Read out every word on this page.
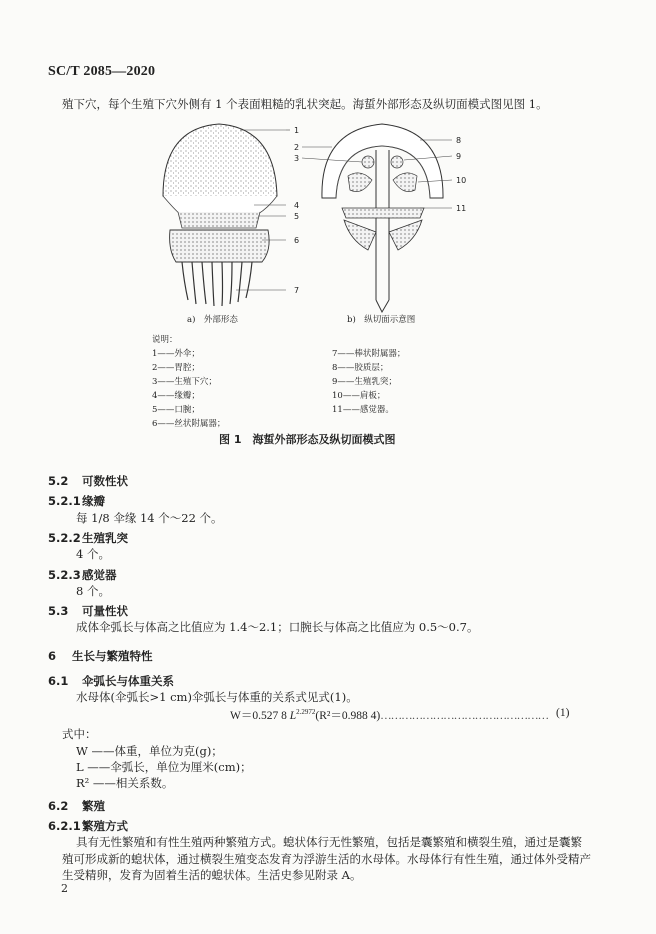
SC/T 2085—2020
殖下穴，每个生殖下穴外侧有 1 个表面粗糙的乳状突起。海蜇外部形态及纵切面模式图见图 1。
1
2
3
4
5
6
7
8
9
10
11
a)　外部形态	b)　纵切面示意图
说明：
1——外伞；
2——胃腔；
3——生殖下穴；
4——缘瓣；
5——口腕；
6——丝状附属器；
7——棒状附属器；
8——胶质层；
9——生殖乳突；
10——肩板；
11——感觉器。
图 1　海蜇外部形态及纵切面模式图
5.2 可数性状
5.2.1缘瓣
每 1/8 伞缘 14 个～22 个。
5.2.2生殖乳突
4 个。
5.2.3感觉器
8 个。
5.3 可量性状
成体伞弧长与体高之比值应为 1.4～2.1；口腕长与体高之比值应为 0.5～0.7。
6 生长与繁殖特性
6.1 伞弧长与体重关系
水母体(伞弧长>1 cm)伞弧长与体重的关系式见式(1)。
W＝0.527 8 $L^{2.2972}(R^2=0.988$ 4)………………………………………… (1)
式中：
W ——体重，单位为克(g)；
L ——伞弧长，单位为厘米(cm)；
R² ——相关系数。
6.2 繁殖
6.2.1繁殖方式
具有无性繁殖和有性生殖两种繁殖方式。螅状体行无性繁殖，包括是囊繁殖和横裂生殖，通过是囊繁
殖可形成新的螅状体，通过横裂生殖变态发育为浮游生活的水母体。水母体行有性生殖，通过体外受精产
生受精卵，发育为固着生活的螅状体。生活史参见附录 A。
2
